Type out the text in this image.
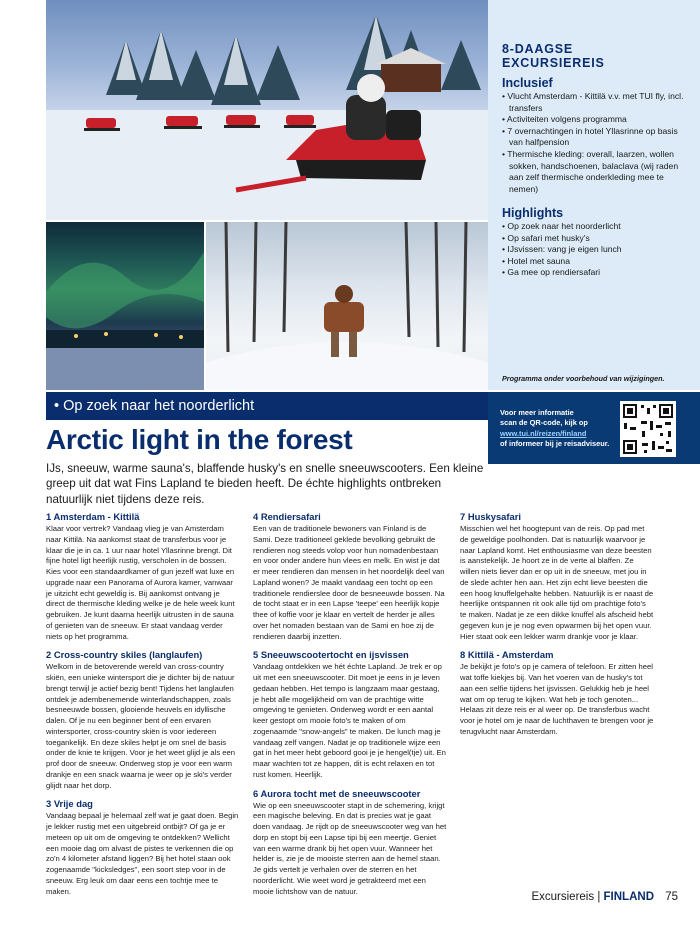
8-DAAGSE
EXCURSIEREIS
Inclusief
• Vlucht Amsterdam - Kittilä v.v. met TUI fly, incl. transfers
• Activiteiten volgens programma
• 7 overnachtingen in hotel Yllasrinne op basis van halfpension
• Thermische kleding: overall, laarzen, wollen sokken, handschoenen, balaclava (wij raden aan zelf thermische onderkleding mee te nemen)
Highlights
• Op zoek naar het noorderlicht
• Op safari met husky's
• IJsvissen: vang je eigen lunch
• Hotel met sauna
• Ga mee op rendiersafari
Programma onder voorbehoud van wijzigingen.
Voor meer informatie
scan de QR-code, kijk op
www.tui.nl/reizen/finland
of informeer bij je reisadviseur.
• Op zoek naar het noorderlicht
Arctic light in the forest
IJs, sneeuw, warme sauna's, blaffende husky's en snelle sneeuwscooters. Een kleine greep uit dat wat Fins Lapland te bieden heeft. De échte highlights ontbreken natuurlijk niet tijdens deze reis.
1 Amsterdam - Kittilä

Klaar voor vertrek? Vandaag vlieg je van Amsterdam naar Kittilä. Na aankomst staat de transferbus voor je klaar die je in ca. 1 uur naar hotel Yllasrinne brengt. Dit fijne hotel ligt heerlijk rustig, verscholen in de bossen. Kies voor een standaardkamer of gun jezelf wat luxe en upgrade naar een Panorama of Aurora kamer, vanwaar je uitzicht echt geweldig is. Bij aankomst ontvang je direct de thermische kleding welke je de hele week kunt gebruiken. Je kunt daarna heerlijk uitrusten in de sauna of genieten van de sneeuw. Er staat vandaag verder niets op het programma.

2 Cross-country skiles (langlaufen)

Welkom in de betoverende wereld van cross-country skiën, een unieke wintersport die je dichter bij de natuur brengt terwijl je actief bezig bent! Tijdens het langlaufen ontdek je adembenemende winterlandschappen, zoals besneeuwde bossen, glooiende heuvels en idyllische dalen. Of je nu een beginner bent of een ervaren wintersporter, cross-country skiën is voor iedereen toegankelijk. En deze skiles helpt je om snel de basis onder de knie te krijgen. Voor je het weet glijd je als een prof door de sneeuw. Onderweg stop je voor een warm drankje en een snack waarna je weer op je ski's verder glijdt naar het dorp.

3 Vrije dag

Vandaag bepaal je helemaal zelf wat je gaat doen. Begin je lekker rustig met een uitgebreid ontbijt? Of ga je er meteen op uit om de omgeving te ontdekken? Wellicht een mooie dag om alvast de pistes te verkennen die op zo'n 4 kilometer afstand liggen? Bij het hotel staan ook zogenaamde "kicksledges", een soort step voor in de sneeuw. Erg leuk om daar eens een tochtje mee te maken.

4 Rendiersafari

Een van de traditionele bewoners van Finland is de Sami. Deze traditioneel geklede bevolking gebruikt de rendieren nog steeds volop voor hun nomadenbestaan en voor onder andere hun vlees en melk. En wist je dat er meer rendieren dan mensen in het noordelijk deel van Lapland wonen? Je maakt vandaag een tocht op een traditionele rendierslee door de besneeuwde bossen. Na de tocht staat er in een Lapse 'teepe' een heerlijk kopje thee of koffie voor je klaar en vertelt de herder je alles over het nomaden bestaan van de Sami en hoe zij de rendieren daarbij inzetten.

5 Sneeuwscootertocht en ijsvissen

Vandaag ontdekken we hét échte Lapland. Je trek er op uit met een sneeuwscooter. Dit moet je eens in je leven gedaan hebben. Het tempo is langzaam maar gestaag, je hebt alle mogelijkheid om van de prachtige witte omgeving te genieten. Onderweg wordt er een aantal keer gestopt om mooie foto's te maken of om zogenaamde "snow-angels" te maken. De lunch mag je vandaag zelf vangen. Nadat je op traditionele wijze een gat in het meer hebt geboord gooi je je hengel(tje) uit. En maar wachten tot ze happen, dit is echt relaxen en tot rust komen. Heerlijk.

6 Aurora tocht met de sneeuwscooter

Wie op een sneeuwscooter stapt in de schemering, krijgt een magische beleving. En dat is precies wat je gaat doen vandaag. Je rijdt op de sneeuwscooter weg van het dorp en stopt bij een Lapse tipi bij een meertje. Geniet van een warme drank bij het open vuur. Wanneer het helder is, zie je de mooiste sterren aan de hemel staan. Je gids vertelt je verhalen over de sterren en het noorderlicht. Wie weet word je getrakteerd met een mooie lichtshow van de natuur.

7 Huskysafari

Misschien wel het hoogtepunt van de reis. Op pad met de geweldige poolhonden. Dat is natuurlijk waarvoor je naar Lapland komt. Het enthousiasme van deze beesten is aanstekelijk. Je hoort ze in de verte al blaffen. Ze willen niets liever dan er op uit in de sneeuw, met jou in de slede achter hen aan. Het zijn echt lieve beesten die een hoog knuffelgehalte hebben. Natuurlijk is er naast de heerlijke ontspannen rit ook alle tijd om prachtige foto's te maken. Nadat je ze een dikke knuffel als afscheid hebt gegeven kun je je nog even opwarmen bij het open vuur. Hier staat ook een lekker warm drankje voor je klaar.

8 Kittilä - Amsterdam

Je bekijkt je foto's op je camera of telefoon. Er zitten heel wat toffe kiekjes bij. Van het voeren van de husky's tot aan een selfie tijdens het ijsvissen. Gelukkig heb je heel wat om op terug te kijken. Wat heb je toch genoten... Helaas zit deze reis er al weer op. De transferbus wacht voor je hotel om je naar de luchthaven te brengen voor je terugvlucht naar Amsterdam.

Excursiereis | FINLAND 75
